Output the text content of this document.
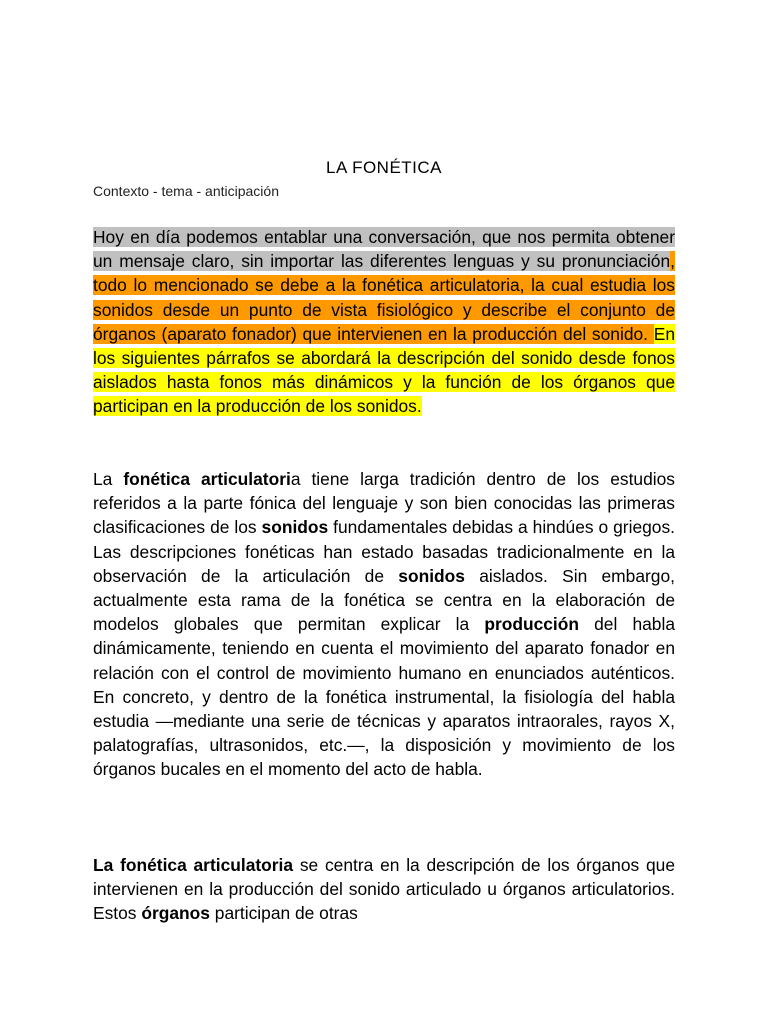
LA FONÉTICA
Contexto - tema - anticipación
Hoy en día podemos entablar una conversación, que nos permita obtener un mensaje claro, sin importar las diferentes lenguas y su pronunciación, todo lo mencionado se debe a la fonética articulatoria, la cual estudia los sonidos desde un punto de vista fisiológico y describe el conjunto de órganos (aparato fonador) que intervienen en la producción del sonido. En los siguientes párrafos se abordará la descripción del sonido desde fonos aislados hasta fonos más dinámicos y la función de los órganos que participan en la producción de los sonidos.
La fonética articulatoria tiene larga tradición dentro de los estudios referidos a la parte fónica del lenguaje y son bien conocidas las primeras clasificaciones de los sonidos fundamentales debidas a hindúes o griegos. Las descripciones fonéticas han estado basadas tradicionalmente en la observación de la articulación de sonidos aislados. Sin embargo, actualmente esta rama de la fonética se centra en la elaboración de modelos globales que permitan explicar la producción del habla dinámicamente, teniendo en cuenta el movimiento del aparato fonador en relación con el control de movimiento humano en enunciados auténticos. En concreto, y dentro de la fonética instrumental, la fisiología del habla estudia —mediante una serie de técnicas y aparatos intraorales, rayos X, palatografías, ultrasonidos, etc.—, la disposición y movimiento de los órganos bucales en el momento del acto de habla.
La fonética articulatoria se centra en la descripción de los órganos que intervienen en la producción del sonido articulado u órganos articulatorios. Estos órganos participan de otras
